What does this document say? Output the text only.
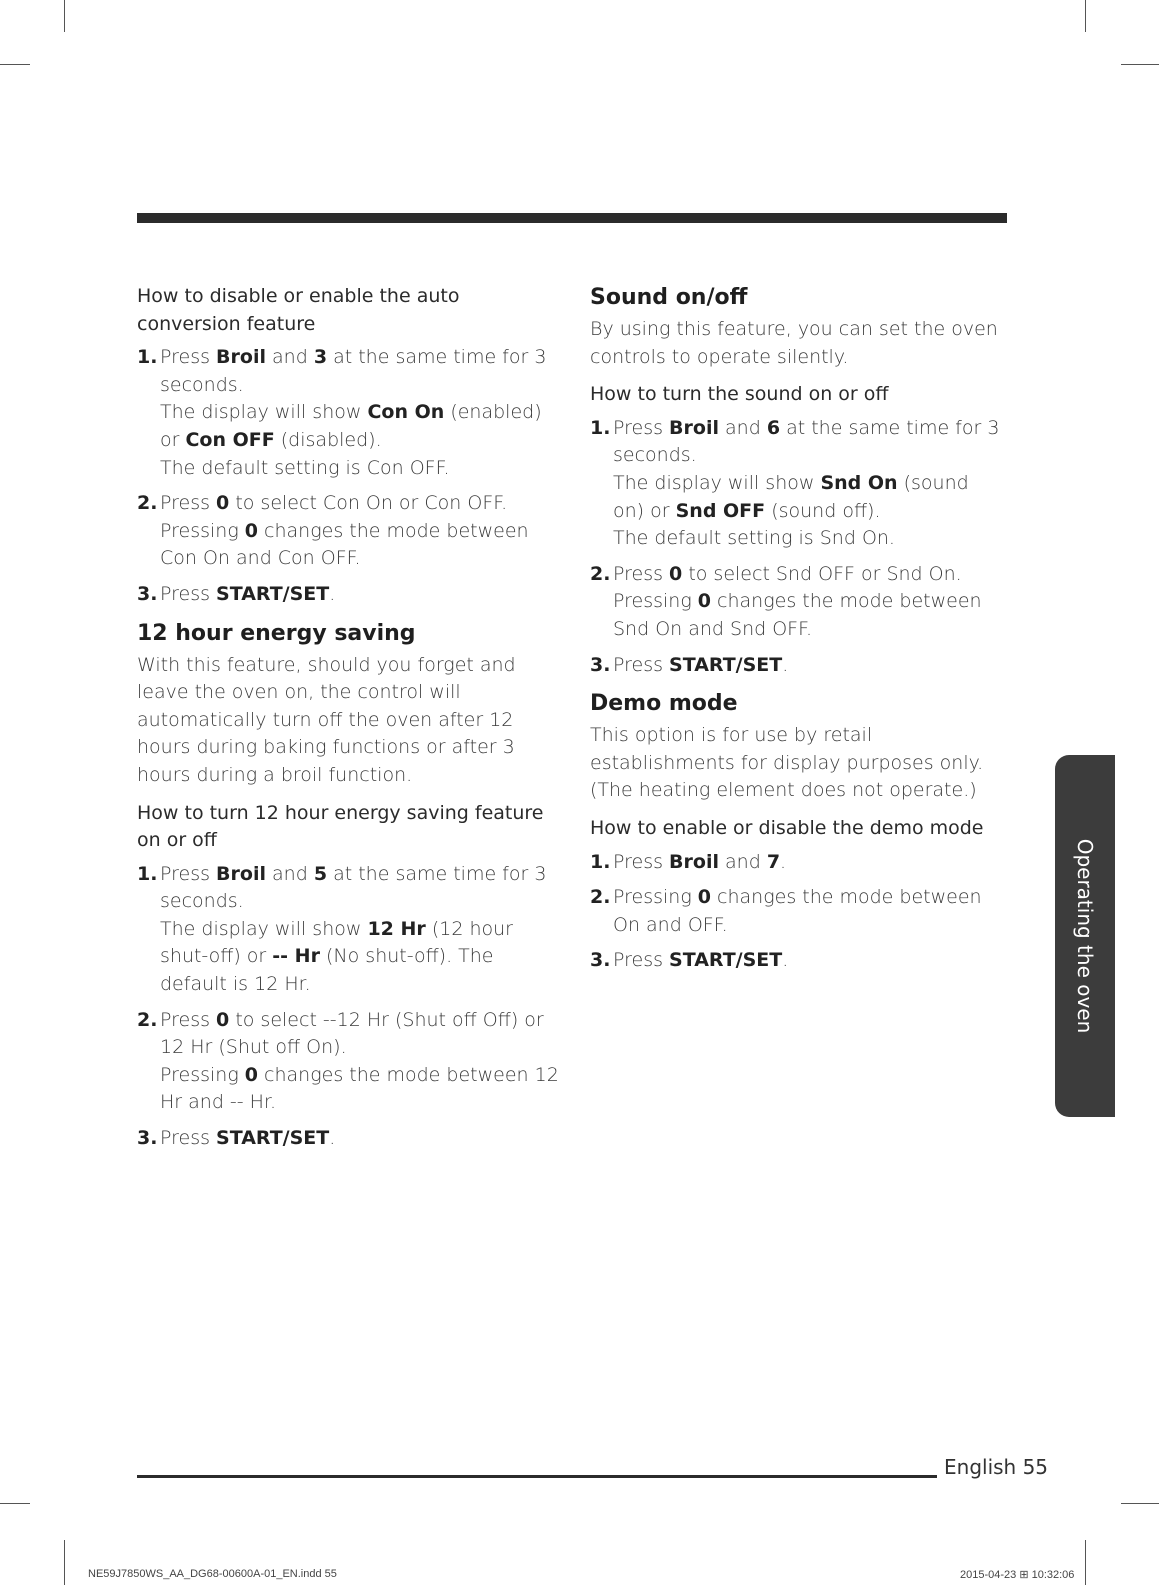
How to disable or enable the auto conversion feature

1. Press Broil and 3 at the same time for 3 seconds.
The display will show Con On (enabled) or Con OFF (disabled).
The default setting is Con OFF.
2. Press 0 to select Con On or Con OFF.
Pressing 0 changes the mode between Con On and Con OFF.
3. Press START/SET.
12 hour energy saving

With this feature, should you forget and leave the oven on, the control will automatically turn off the oven after 12 hours during baking functions or after 3 hours during a broil function.

How to turn 12 hour energy saving feature on or off

1. Press Broil and 5 at the same time for 3 seconds.
The display will show 12 Hr (12 hour shut-off) or -- Hr (No shut-off). The default is 12 Hr.
2. Press 0 to select --12 Hr (Shut off Off) or 12 Hr (Shut off On).
Pressing 0 changes the mode between 12 Hr and -- Hr.
3. Press START/SET.
Sound on/off

By using this feature, you can set the oven controls to operate silently.

How to turn the sound on or off

1. Press Broil and 6 at the same time for 3 seconds.
The display will show Snd On (sound on) or Snd OFF (sound off).
The default setting is Snd On.
2. Press 0 to select Snd OFF or Snd On.
Pressing 0 changes the mode between Snd On and Snd OFF.
3. Press START/SET.
Demo mode

This option is for use by retail establishments for display purposes only. (The heating element does not operate.)

How to enable or disable the demo mode

1. Press Broil and 7.
2. Pressing 0 changes the mode between On and OFF.
3. Press START/SET.	Operating the oven
English 55
NE59J7850WS_AA_DG68-00600A-01_EN.indd 55	2015-04-23 ⊞ 10:32:06
